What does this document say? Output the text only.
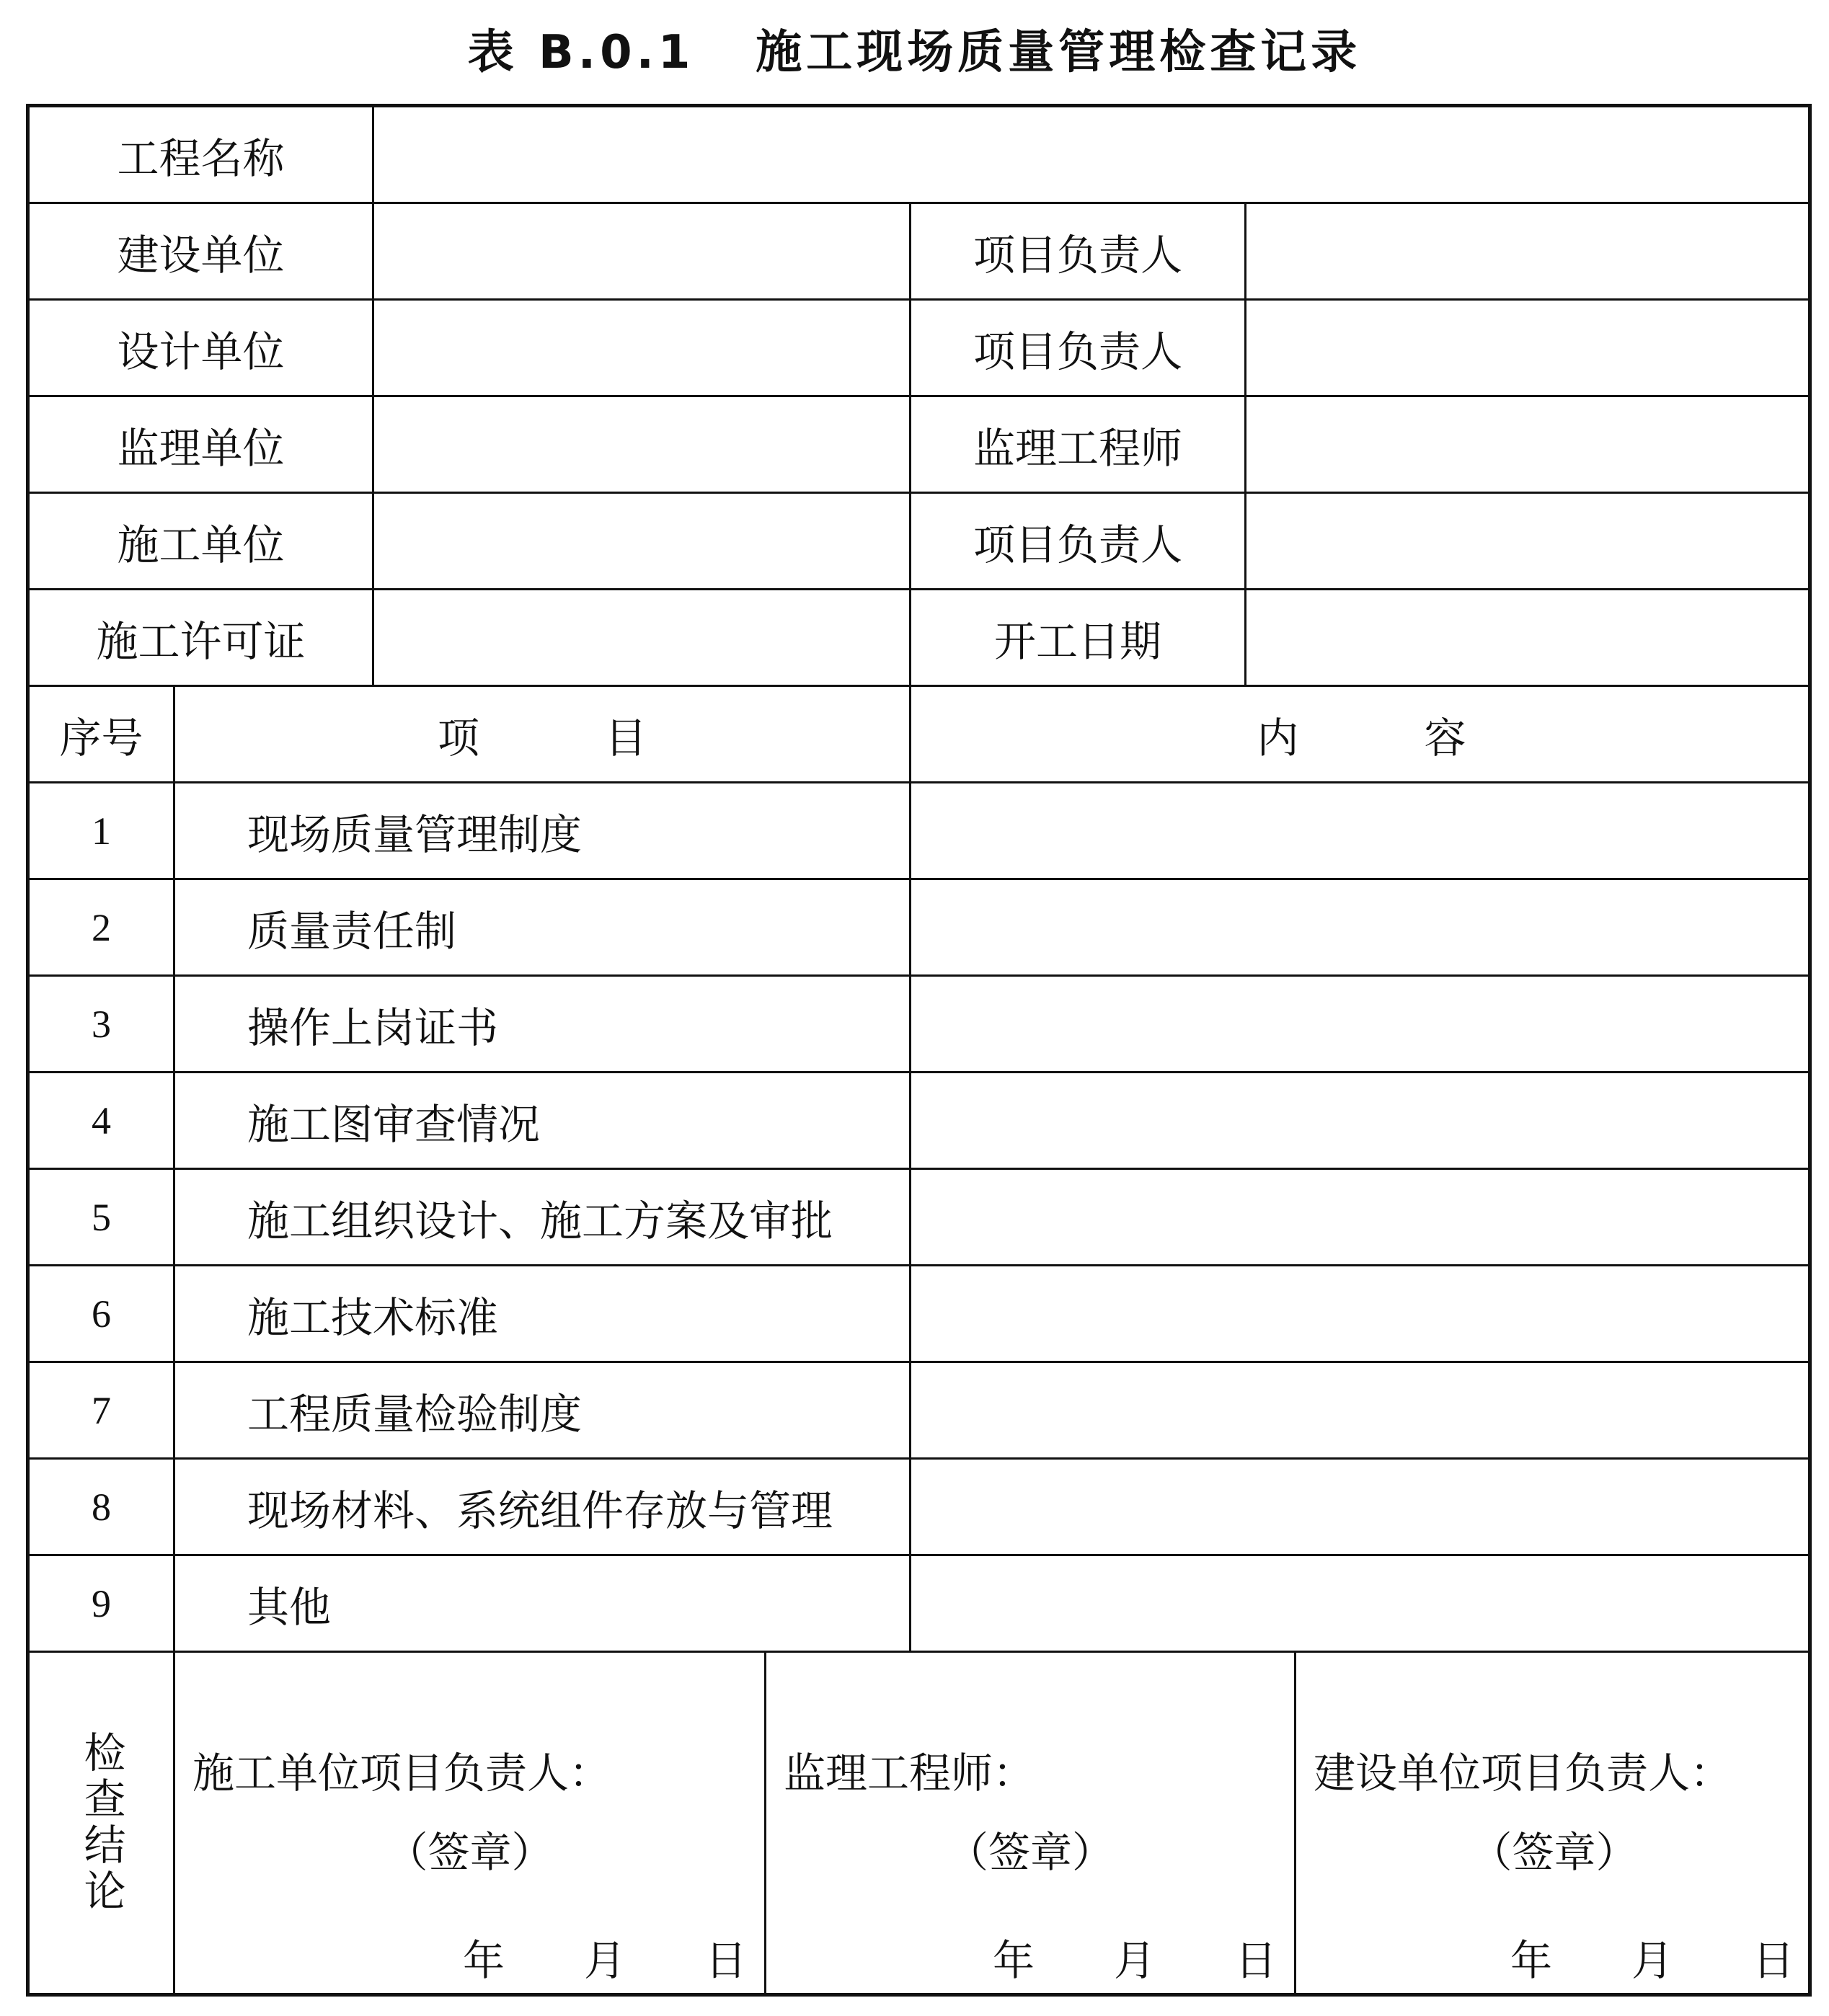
表 B.0.1   施工现场质量管理检查记录
工程名称
建设单位	项目负责人
设计单位	项目负责人
监理单位	监理工程师
施工单位	项目负责人
施工许可证	开工日期
序号	项　　　目	内　　　容
1	现场质量管理制度
2	质量责任制
3	操作上岗证书
4	施工图审查情况
5	施工组织设计、施工方案及审批
6	施工技术标准
7	工程质量检验制度
8	现场材料、系统组件存放与管理
9	其他
检查结论 施工单位项目负责人：
（签章）
年 月 日
监理工程师：
（签章）
年 月 日
建设单位项目负责人：
（签章）
年 月 日
